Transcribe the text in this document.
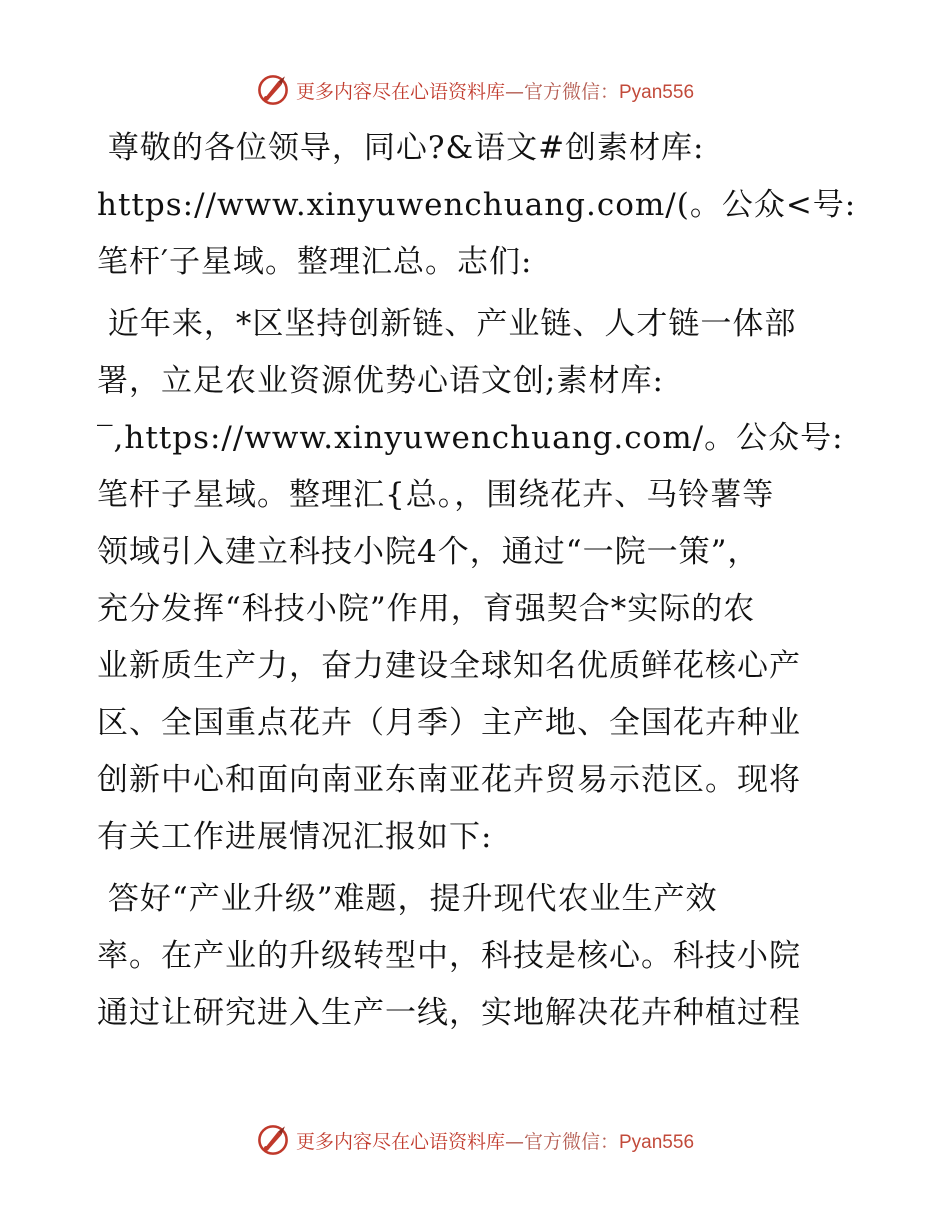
更多内容尽在心语资料库—官方微信：Pyan556

尊敬的各位领导，同心?&语文#创素材库:
https://www.xinyuwenchuang.com/(。公众<号:
笔杆′子星域。整理汇总。志们:

近年来，*区坚持创新链、产业链、人才链一体部
署，立足农业资源优势心语文创;素材库:
‾,https://www.xinyuwenchuang.com/。公众号:
笔杆子星域。整理汇{总。，围绕花卉、马铃薯等
领域引入建立科技小院4个，通过“一院一策”，
充分发挥“科技小院”作用，育强契合*实际的农
业新质生产力，奋力建设全球知名优质鲜花核心产
区、全国重点花卉（月季）主产地、全国花卉种业
创新中心和面向南亚东南亚花卉贸易示范区。现将
有关工作进展情况汇报如下:

答好“产业升级”难题，提升现代农业生产效
率。在产业的升级转型中，科技是核心。科技小院
通过让研究进入生产一线，实地解决花卉种植过程

更多内容尽在心语资料库—官方微信：Pyan556
